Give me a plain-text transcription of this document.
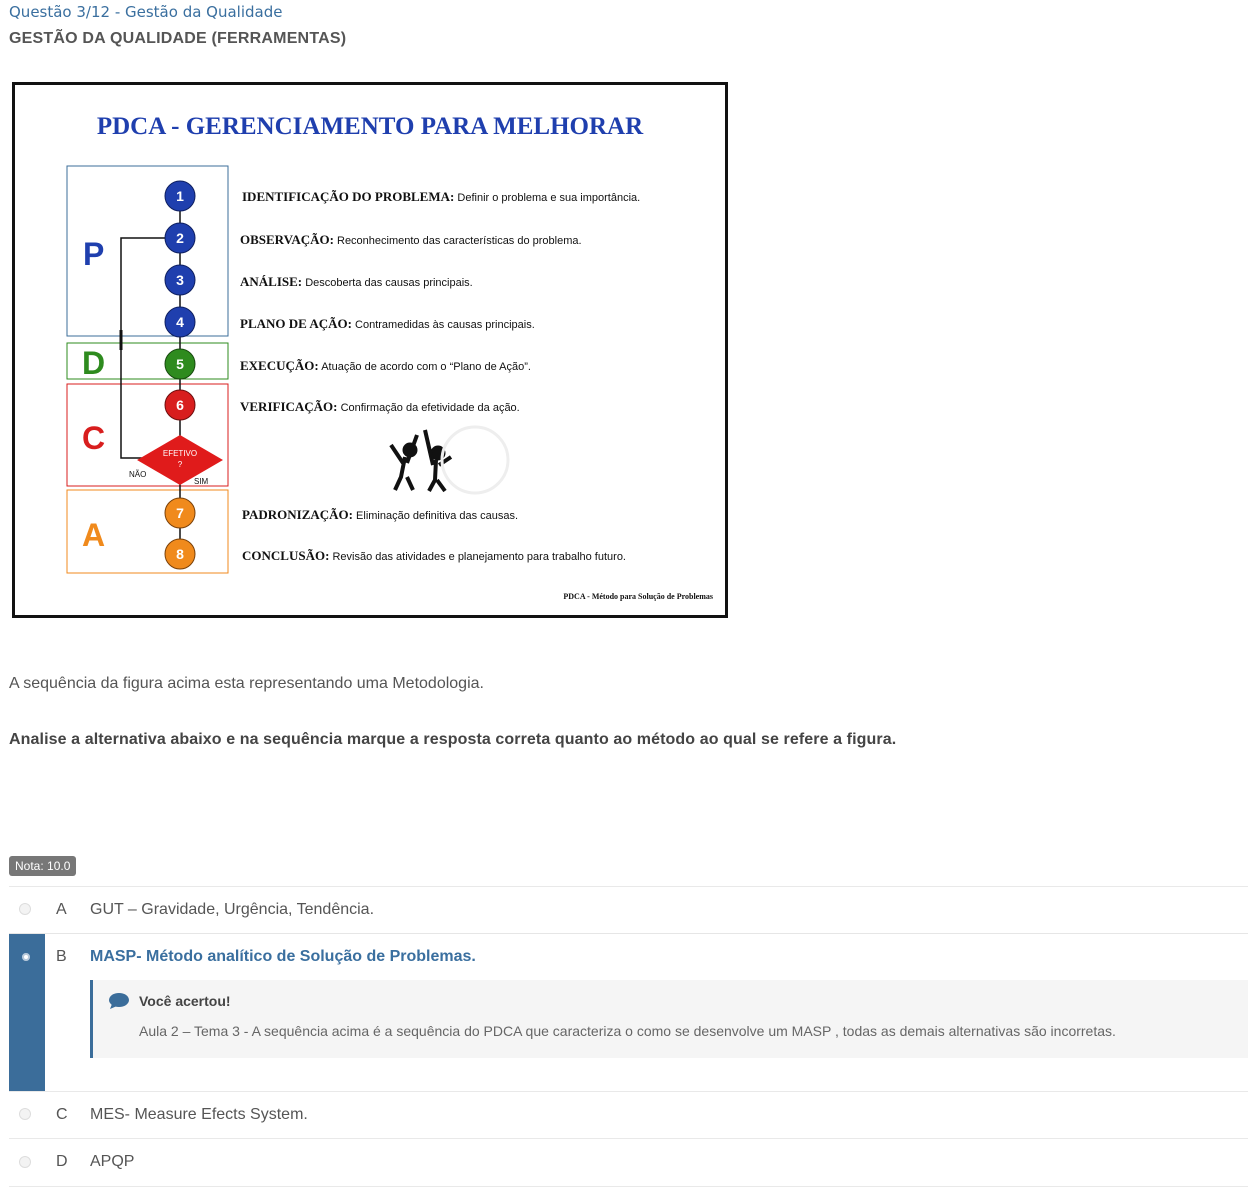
Questão 3/12 - Gestão da Qualidade
GESTÃO DA QUALIDADE (FERRAMENTAS)
PDCA - GERENCIAMENTO PARA MELHORAR
P
D
C
A
EFETIVO
?
NÃO
SIM
1
2
3
4
5
6
7
8
IDENTIFICAÇÃO DO PROBLEMA: Definir o problema e sua importância.
OBSERVAÇÃO: Reconhecimento das características do problema.
ANÁLISE: Descoberta das causas principais.
PLANO DE AÇÃO: Contramedidas às causas principais.
EXECUÇÃO: Atuação de acordo com o “Plano de Ação”.
VERIFICAÇÃO: Confirmação da efetividade da ação.
PADRONIZAÇÃO: Eliminação definitiva das causas.
CONCLUSÃO: Revisão das atividades e planejamento para trabalho futuro.
PDCA - Método para Solução de Problemas
A sequência da figura acima esta representando uma Metodologia.
Analise a alternativa abaixo e na sequência marque a resposta correta quanto ao método ao qual se refere a figura.
Nota: 10.0
A GUT – Gravidade, Urgência, Tendência.
B MASP- Método analítico de Solução de Problemas.
Você acertou!
Aula 2 – Tema 3 - A sequência acima é a sequência do PDCA que caracteriza o como se desenvolve um MASP , todas as demais alternativas são incorretas.
C MES- Measure Efects System.
D APQP
